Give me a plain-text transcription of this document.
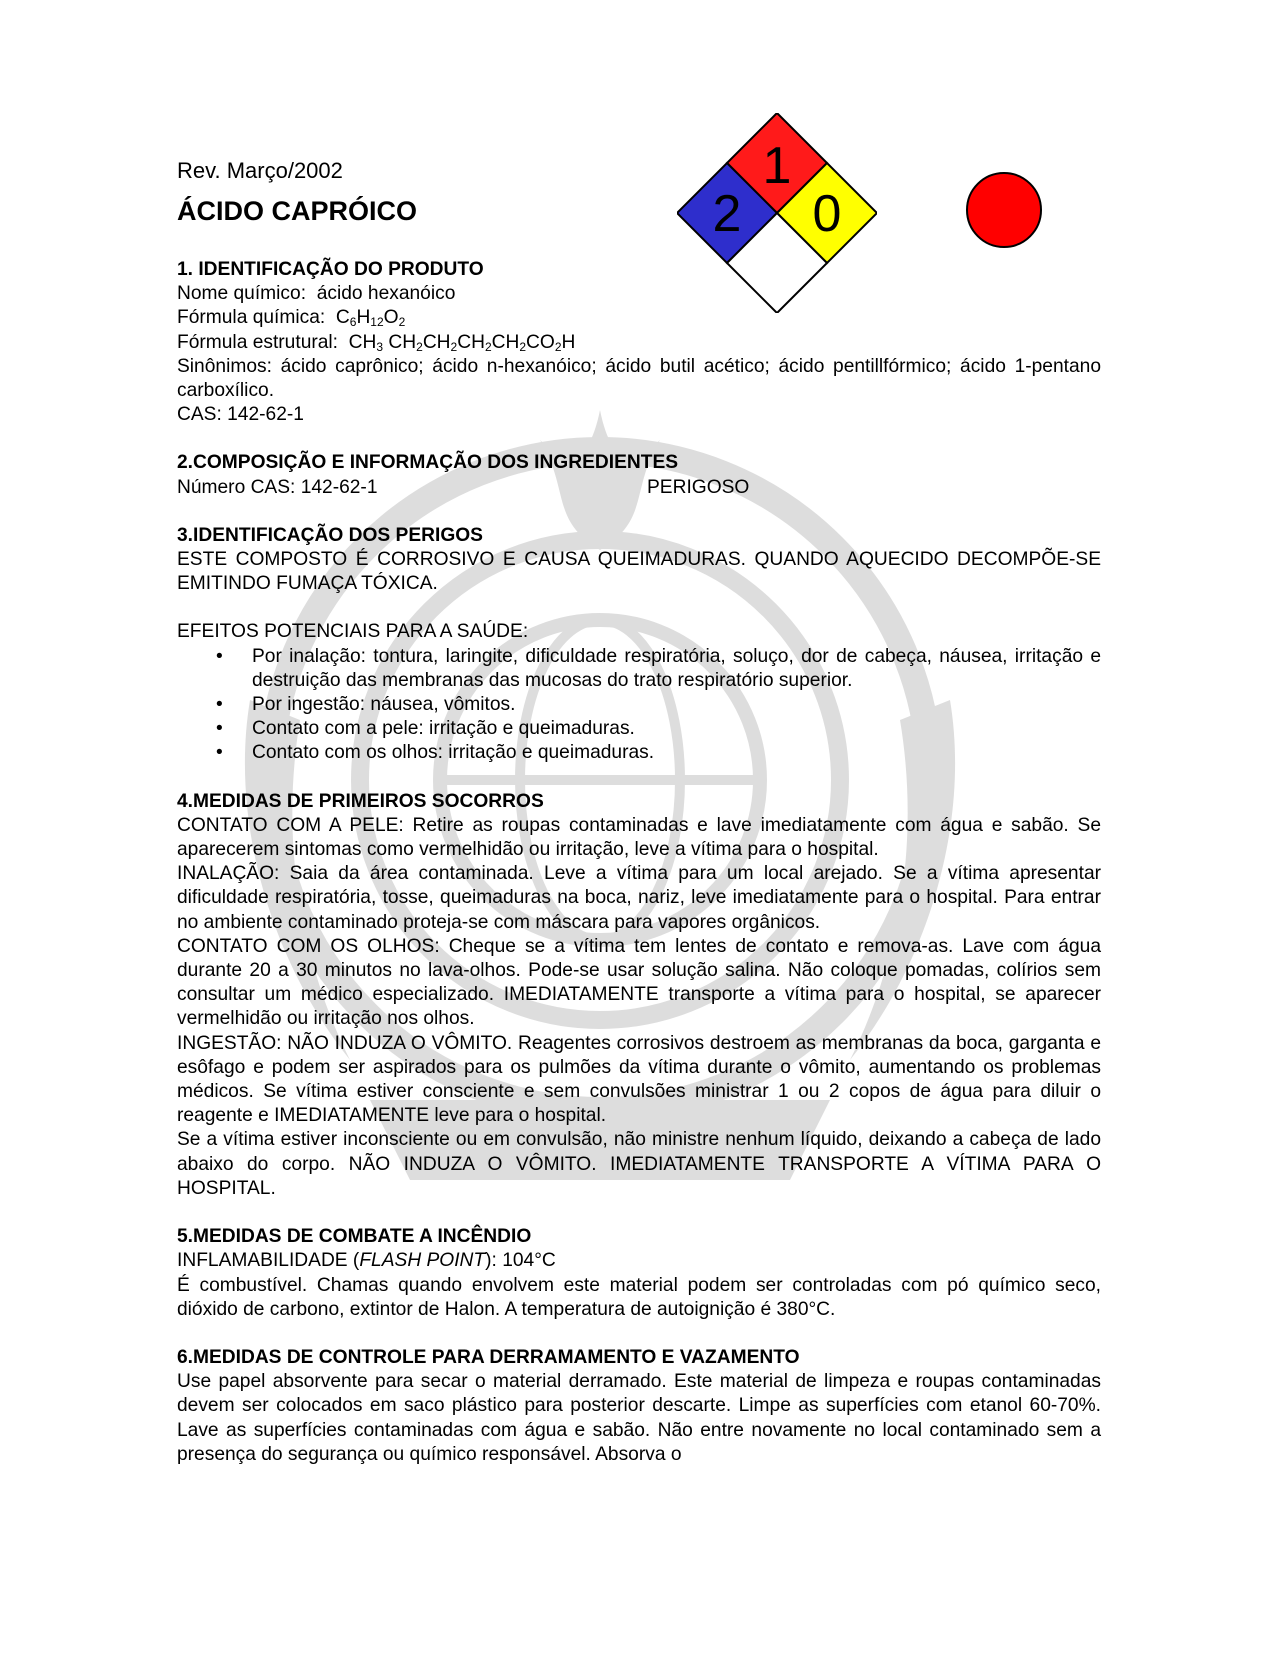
Rev. Março/2002
ÁCIDO CAPRÓICO
1
2 0
1. IDENTIFICAÇÃO DO PRODUTO

Nome químico: ácido hexanóico

Fórmula química:  $C_6H_{12}O_2$

Fórmula estrutural:  $CH_3$ $CH_2CH_2CH_2CH_2CO_2H$

Sinônimos: ácido caprônico; ácido n-hexanóico; ácido butil acético; ácido pentillfórmico; ácido 1-pentano carboxílico.

CAS: 142-62-1

2.COMPOSIÇÃO E INFORMAÇÃO DOS INGREDIENTES
Número CAS: 142-62-1	PERIGOSO
3.IDENTIFICAÇÃO DOS PERIGOS

ESTE COMPOSTO É CORROSIVO E CAUSA QUEIMADURAS. QUANDO AQUECIDO DECOMPÕE-SE EMITINDO FUMAÇA TÓXICA.

EFEITOS POTENCIAIS PARA A SAÚDE:

• Por inalação: tontura, laringite, dificuldade respiratória, soluço, dor de cabeça, náusea, irritação e destruição das membranas das mucosas do trato respiratório superior.
• Por ingestão: náusea, vômitos.
• Contato com a pele: irritação e queimaduras.
• Contato com os olhos: irritação e queimaduras.
4.MEDIDAS DE PRIMEIROS SOCORROS

CONTATO COM A PELE: Retire as roupas contaminadas e lave imediatamente com água e sabão. Se aparecerem sintomas como vermelhidão ou irritação, leve a vítima para o hospital.

INALAÇÃO: Saia da área contaminada. Leve a vítima para um local arejado. Se a vítima apresentar dificuldade respiratória, tosse, queimaduras na boca, nariz, leve imediatamente para o hospital. Para entrar no ambiente contaminado proteja-se com máscara para vapores orgânicos.

CONTATO COM OS OLHOS: Cheque se a vítima tem lentes de contato e remova-as. Lave com água durante 20 a 30 minutos no lava-olhos. Pode-se usar solução salina. Não coloque pomadas, colírios sem consultar um médico especializado. IMEDIATAMENTE transporte a vítima para o hospital, se aparecer vermelhidão ou irritação nos olhos.

INGESTÃO: NÃO INDUZA O VÔMITO. Reagentes corrosivos destroem as membranas da boca, garganta e esôfago e podem ser aspirados para os pulmões da vítima durante o vômito, aumentando os problemas médicos. Se vítima estiver consciente e sem convulsões ministrar 1 ou 2 copos de água para diluir o reagente e IMEDIATAMENTE leve para o hospital.

Se a vítima estiver inconsciente ou em convulsão, não ministre nenhum líquido, deixando a cabeça de lado abaixo do corpo. NÃO INDUZA O VÔMITO. IMEDIATAMENTE TRANSPORTE A VÍTIMA PARA O HOSPITAL.

5.MEDIDAS DE COMBATE A INCÊNDIO

INFLAMABILIDADE (FLASH POINT): 104°C

É combustível. Chamas quando envolvem este material podem ser controladas com pó químico seco, dióxido de carbono, extintor de Halon. A temperatura de autoignição é 380°C.

6.MEDIDAS DE CONTROLE PARA DERRAMAMENTO E VAZAMENTO

Use papel absorvente para secar o material derramado. Este material de limpeza e roupas contaminadas devem ser colocados em saco plástico para posterior descarte. Limpe as superfícies com etanol 60-70%. Lave as superfícies contaminadas com água e sabão. Não entre novamente no local contaminado sem a presença do segurança ou químico responsável. Absorva o
